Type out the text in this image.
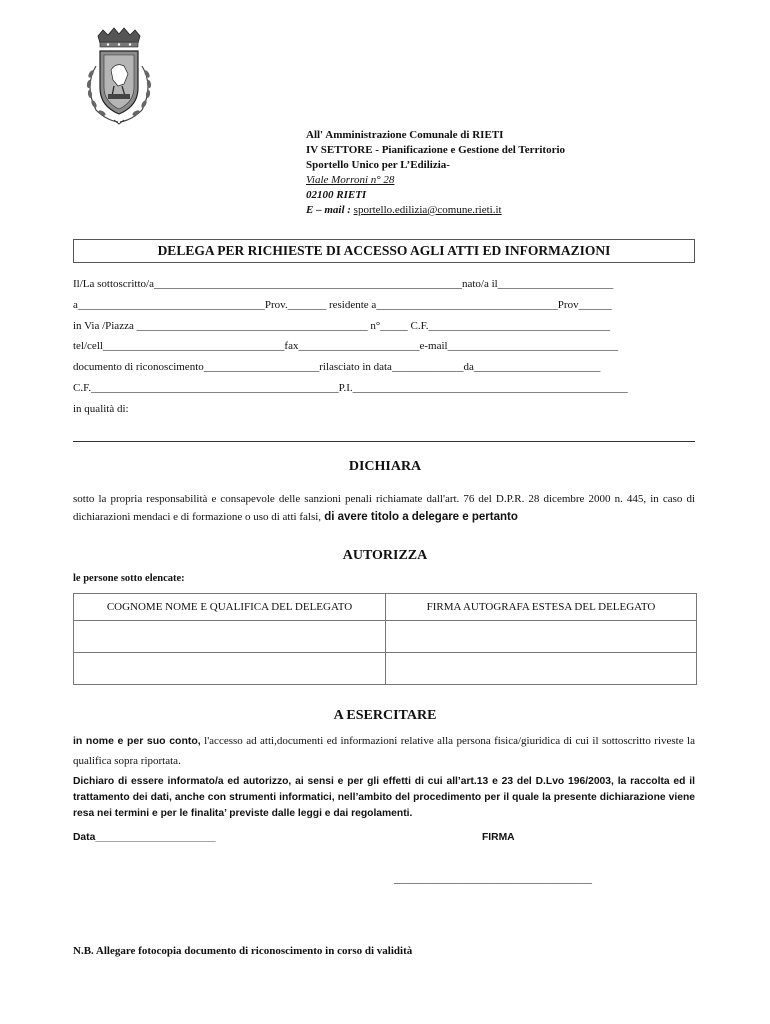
All' Amministrazione Comunale di RIETI
IV SETTORE - Pianificazione e Gestione del Territorio
Sportello Unico per L’Edilizia-
Viale Morroni n° 28
02100 RIETI
E – mail : sportello.edilizia@comune.rieti.it
DELEGA PER RICHIESTE DI ACCESSO AGLI ATTI ED INFORMAZIONI
Il/La sottoscritto/a________________________________________________________nato/a il_____________________
a__________________________________Prov._______ residente a_________________________________Prov______
in Via /Piazza __________________________________________ n°_____ C.F._________________________________
tel/cell_________________________________fax______________________e-mail_______________________________
documento di riconoscimento_____________________rilasciato in data_____________da_______________________
C.F._____________________________________________P.I.__________________________________________________
in qualità di:
DICHIARA
sotto la propria responsabilità e consapevole delle sanzioni penali richiamate dall'art. 76 del D.P.R. 28 dicembre 2000 n. 445, in caso di dichiarazioni mendaci e di formazione o uso di atti falsi, di avere titolo a delegare e pertanto
AUTORIZZA
le persone sotto elencate:
COGNOME NOME E QUALIFICA DEL DELEGATO	FIRMA AUTOGRAFA ESTESA DEL DELEGATO

A ESERCITARE
in nome e per suo conto, l'accesso ad atti,documenti ed informazioni relative alla persona fisica/giuridica di cui il sottoscritto riveste la qualifica sopra riportata.
Dichiaro di essere informato/a ed autorizzo, ai sensi e per gli effetti di cui all’art.13 e 23 del D.Lvo 196/2003, la raccolta ed il trattamento dei dati, anche con strumenti informatici, nell’ambito del procedimento per il quale la presente dichiarazione viene resa nei termini e per le finalita’ previste dalle leggi e dai regolamenti.
Data_____________________	FIRMA
____________________________________
N.B. Allegare fotocopia documento di riconoscimento in corso di validità
